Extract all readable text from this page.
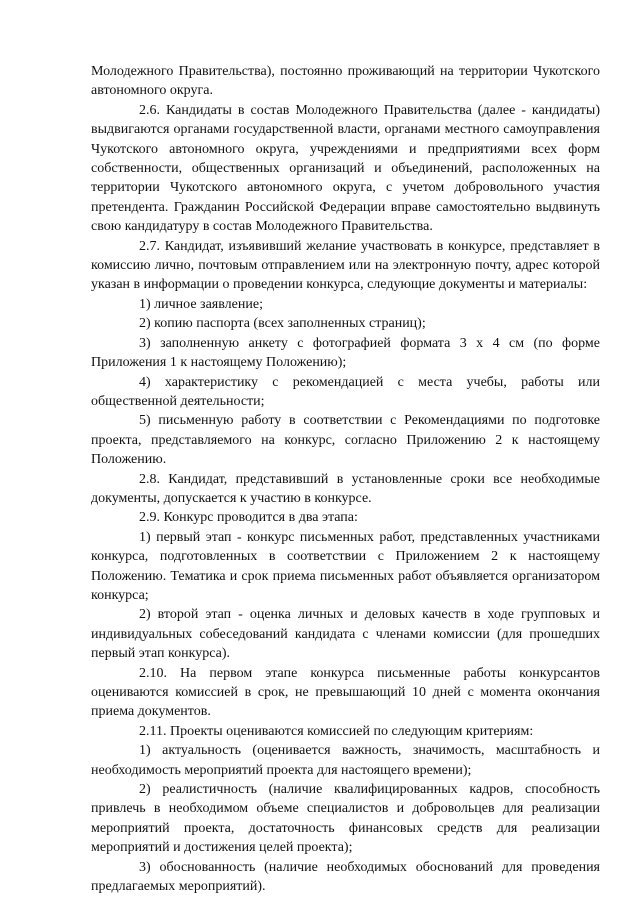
Молодежного Правительства), постоянно проживающий на территории Чукотского автономного округа.

2.6. Кандидаты в состав Молодежного Правительства (далее - кандидаты) выдвигаются органами государственной власти, органами местного самоуправления Чукотского автономного округа, учреждениями и предприятиями всех форм собственности, общественных организаций и объединений, расположенных на территории Чукотского автономного округа, с учетом добровольного участия претендента. Гражданин Российской Федерации вправе самостоятельно выдвинуть свою кандидатуру в состав Молодежного Правительства.

2.7. Кандидат, изъявивший желание участвовать в конкурсе, представляет в комиссию лично, почтовым отправлением или на электронную почту, адрес которой указан в информации о проведении конкурса, следующие документы и материалы:

1) личное заявление;

2) копию паспорта (всех заполненных страниц);

3) заполненную анкету с фотографией формата 3 х 4 см (по форме Приложения 1 к настоящему Положению);

4) характеристику с рекомендацией с места учебы, работы или общественной деятельности;

5) письменную работу в соответствии с Рекомендациями по подготовке проекта, представляемого на конкурс, согласно Приложению 2 к настоящему Положению.

2.8. Кандидат, представивший в установленные сроки все необходимые документы, допускается к участию в конкурсе.

2.9. Конкурс проводится в два этапа:

1) первый этап - конкурс письменных работ, представленных участниками конкурса, подготовленных в соответствии с Приложением 2 к настоящему Положению. Тематика и срок приема письменных работ объявляется организатором конкурса;

2) второй этап - оценка личных и деловых качеств в ходе групповых и индивидуальных собеседований кандидата с членами комиссии (для прошедших первый этап конкурса).

2.10. На первом этапе конкурса письменные работы конкурсантов оцениваются комиссией в срок, не превышающий 10 дней с момента окончания приема документов.

2.11. Проекты оцениваются комиссией по следующим критериям:

1) актуальность (оценивается важность, значимость, масштабность и необходимость мероприятий проекта для настоящего времени);

2) реалистичность (наличие квалифицированных кадров, способность привлечь в необходимом объеме специалистов и добровольцев для реализации мероприятий проекта, достаточность финансовых средств для реализации мероприятий и достижения целей проекта);

3) обоснованность (наличие необходимых обоснований для проведения предлагаемых мероприятий).
